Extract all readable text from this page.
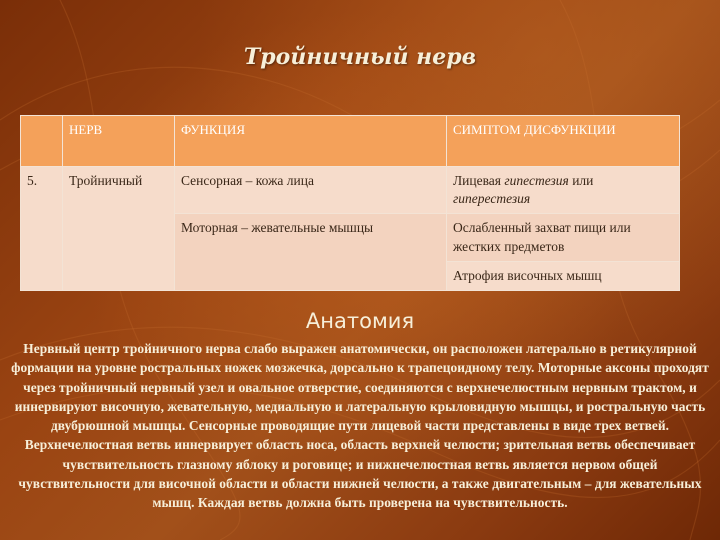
Тройничный нерв
	НЕРВ	ФУНКЦИЯ	СИМПТОМ ДИСФУНКЦИИ
5.	Тройничный	Сенсорная – кожа лица	Лицевая гипестезия или гиперестезия
		Моторная – жевательные мышцы	Ослабленный захват пищи или жестких предметов
			Атрофия височных мышц
Анатомия
Нервный центр тройничного нерва слабо выражен анатомически, он расположен латерально в ретикулярной формации на уровне ростральных ножек мозжечка, дорсально к трапецоидному телу. Моторные аксоны проходят через тройничный нервный узел и овальное отверстие, соединяются с верхнечелюстным нервным трактом, и иннервируют височную, жевательную, медиальную и латеральную крыловидную мышцы, и ростральную часть двубрюшной мышцы. Сенсорные проводящие пути лицевой части представлены в виде трех ветвей. Верхнечелюстная ветвь иннервирует область носа, область верхней челюсти; зрительная ветвь обеспечивает чувствительность глазному яблоку и роговице; и нижнечелюстная ветвь является нервом общей чувствительности для височной области и области нижней челюсти, а также двигательным – для жевательных мышц. Каждая ветвь должна быть проверена на чувствительность.
